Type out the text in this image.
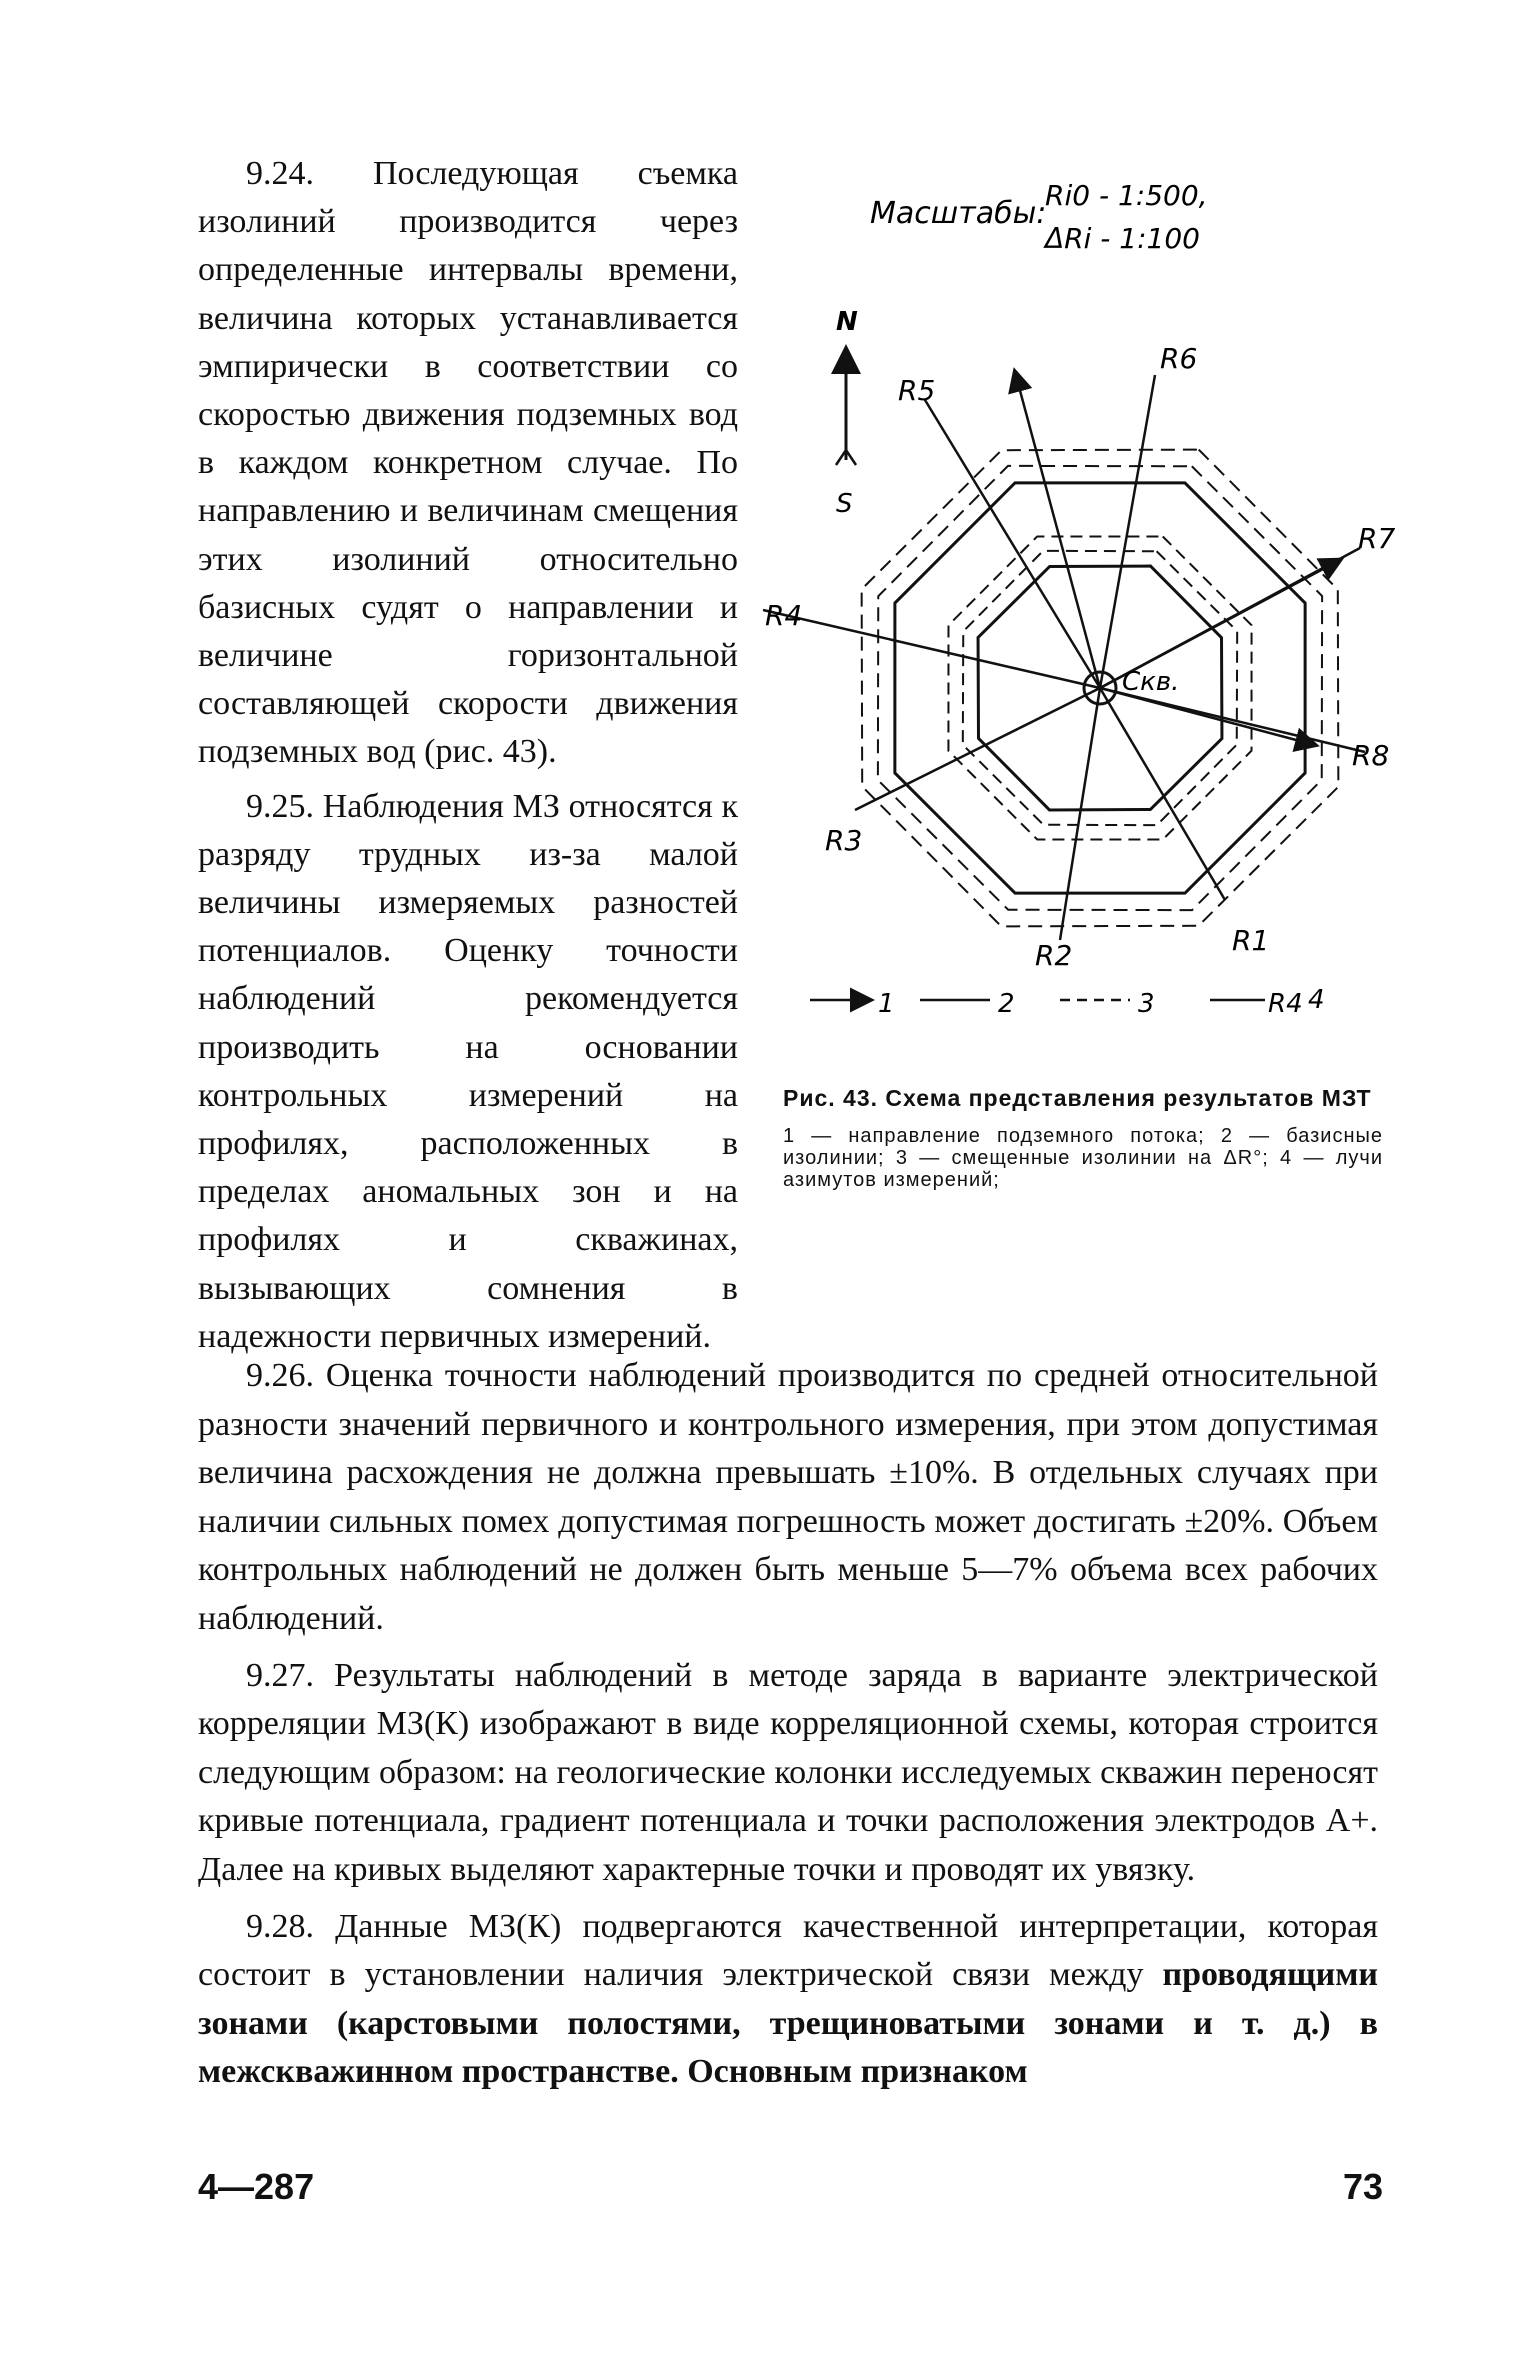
9.24. Последующая съемка изолиний производится через определенные интервалы времени, величина которых устанавливается эмпирически в соответствии со скоростью движения подземных вод в каждом конкретном случае. По направлению и величинам смещения этих изолиний относительно базисных судят о направлении и величине горизонтальной составляющей скорости движения подземных вод (рис. 43).

9.25. Наблюдения МЗ относятся к разряду трудных из-за малой величины измеряемых разностей потенциалов. Оценку точности наблюдений рекомендуется производить на основании контрольных измерений на профилях, расположенных в пределах аномальных зон и на профилях и скважинах, вызывающих сомнения в надежности первичных измерений.

Масштабы:
Ri0 - 1:500,
ΔRi - 1:100
N
S
Скв.
R1
R2
R3
R4
R5
R6
R7
R8
1	2	3	R4 4

Рис. 43. Схема представления результатов МЗТ

1 — направление подземного потока; 2 — базисные изолинии; 3 — смещенные изолинии на ΔR°; 4 — лучи азимутов измерений;

9.26. Оценка точности наблюдений производится по средней относительной разности значений первичного и контрольного измерения, при этом допустимая величина расхождения не должна превышать ±10%. В отдельных случаях при наличии сильных помех допустимая погрешность может достигать ±20%. Объем контрольных наблюдений не должен быть меньше 5—7% объема всех рабочих наблюдений.

9.27. Результаты наблюдений в методе заряда в варианте электрической корреляции МЗ(К) изображают в виде корреляционной схемы, которая строится следующим образом: на геологические колонки исследуемых скважин переносят кривые потенциала, градиент потенциала и точки расположения электродов A+. Далее на кривых выделяют характерные точки и проводят их увязку.

9.28. Данные МЗ(К) подвергаются качественной интерпретации, которая состоит в установлении наличия электрической связи между проводящими зонами (карстовыми полостями, трещиноватыми зонами и т. д.) в межскважинном пространстве. Основным признаком

4—287	73
